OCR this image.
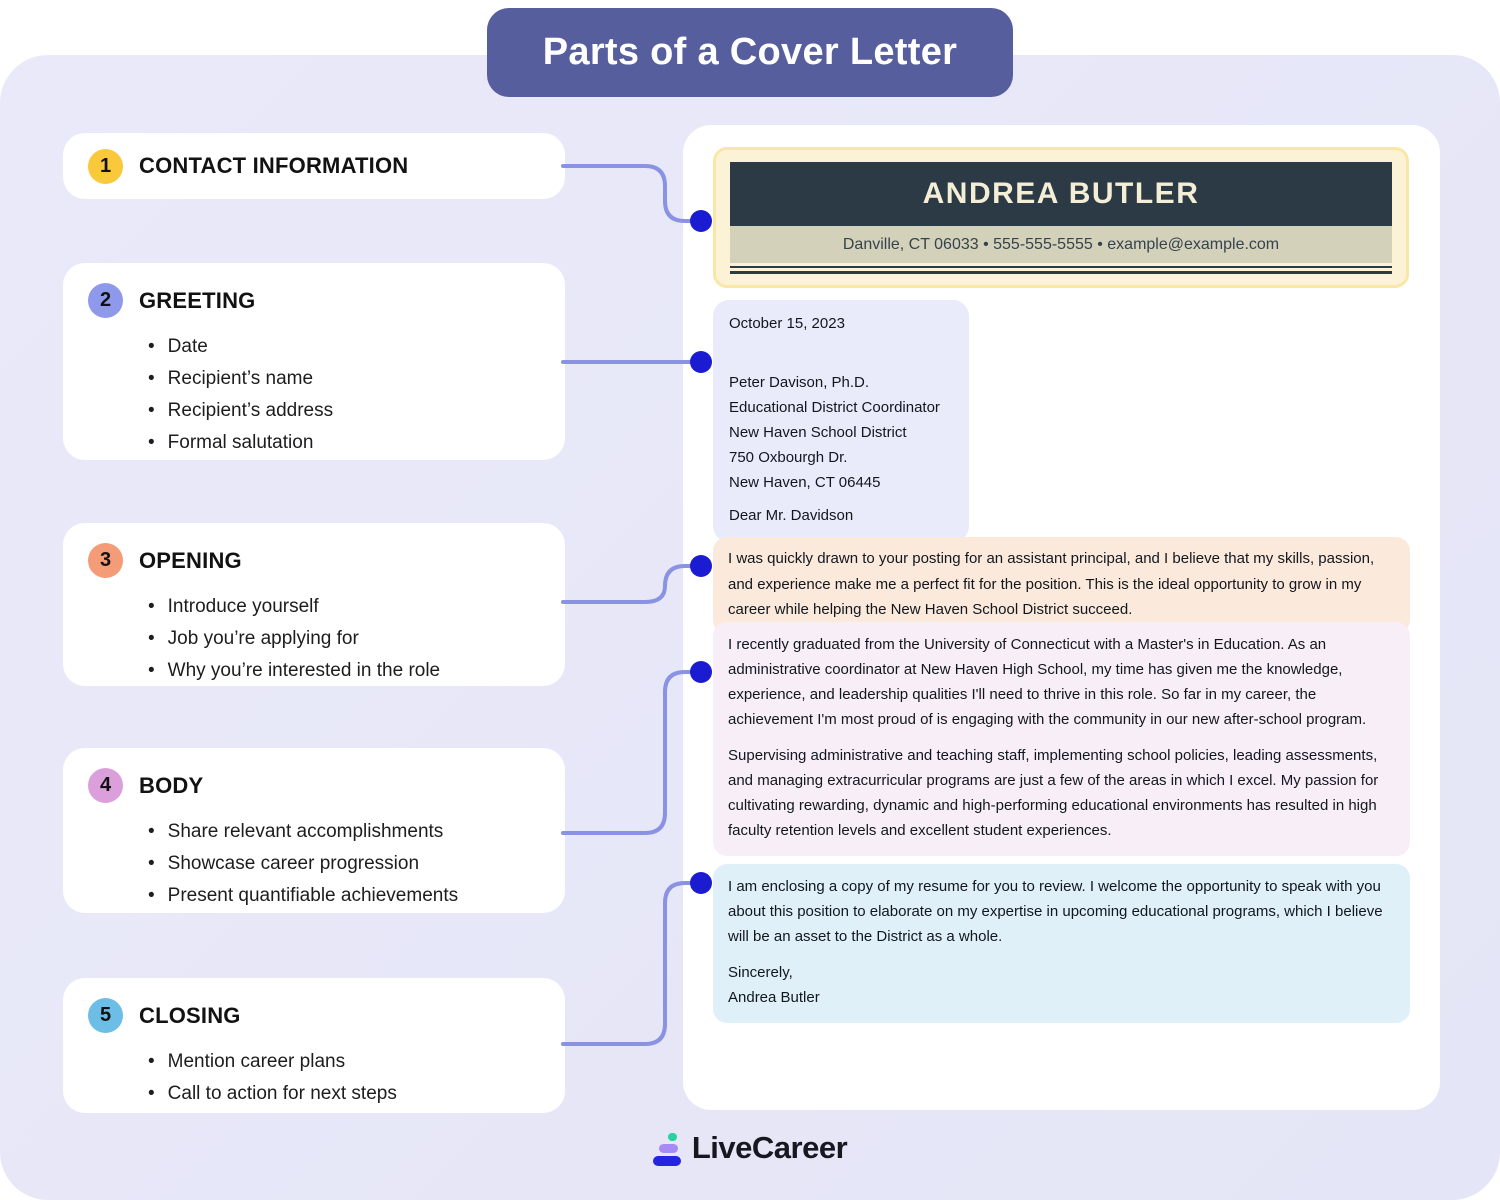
Parts of a Cover Letter
1	CONTACT INFORMATION
2	GREETING
• Date
• Recipient’s name
• Recipient’s address
• Formal salutation
3	OPENING
• Introduce yourself
• Job you’re applying for
• Why you’re interested in the role
4	BODY
• Share relevant accomplishments
• Showcase career progression
• Present quantifiable achievements
5	CLOSING
• Mention career plans
• Call to action for next steps
ANDREA BUTLER
Danville, CT 06033 • 555-555-5555 • example@example.com
October 15, 2023
Peter Davison, Ph.D.
Educational District Coordinator
New Haven School District
750 Oxbourgh Dr.
New Haven, CT 06445
Dear Mr. Davidson
I was quickly drawn to your posting for an assistant principal, and I believe that my skills, passion, and experience make me a perfect fit for the position. This is the ideal opportunity to grow in my career while helping the New Haven School District succeed.
I recently graduated from the University of Connecticut with a Master's in Education. As an administrative coordinator at New Haven High School, my time has given me the knowledge, experience, and leadership qualities I'll need to thrive in this role. So far in my career, the achievement I'm most proud of is engaging with the community in our new after-school program.
Supervising administrative and teaching staff, implementing school policies, leading assessments, and managing extracurricular programs are just a few of the areas in which I excel. My passion for cultivating rewarding, dynamic and high-performing educational environments has resulted in high faculty retention levels and excellent student experiences.
I am enclosing a copy of my resume for you to review. I welcome the opportunity to speak with you about this position to elaborate on my expertise in upcoming educational programs, which I believe will be an asset to the District as a whole.
Sincerely,
Andrea Butler
LiveCareer
